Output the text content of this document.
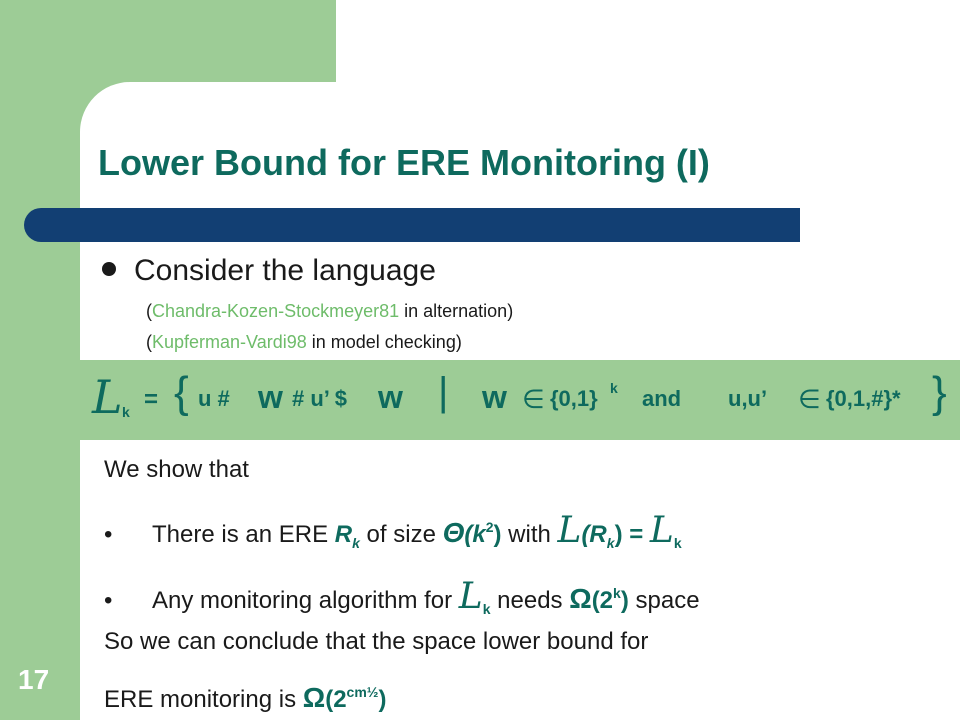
Lower Bound for ERE Monitoring (I)
Consider the language
(Chandra-Kozen-Stockmeyer81 in alternation)
(Kupferman-Vardi98 in model checking)
L k = { u # w # u’ $ w | w ∈ {0,1} k and u,u’ ∈ {0,1,#}* }
We show that
• There is an ERE $R_k$ of size $\Theta(k^2)$ with $L(R_k) = L_k$
• Any monitoring algorithm for $L_k$ needs Ω(2$^k$) space
So we can conclude that the space lower bound for
ERE monitoring is $\Omega(2^{cm\frac{1}{2}})$
17
